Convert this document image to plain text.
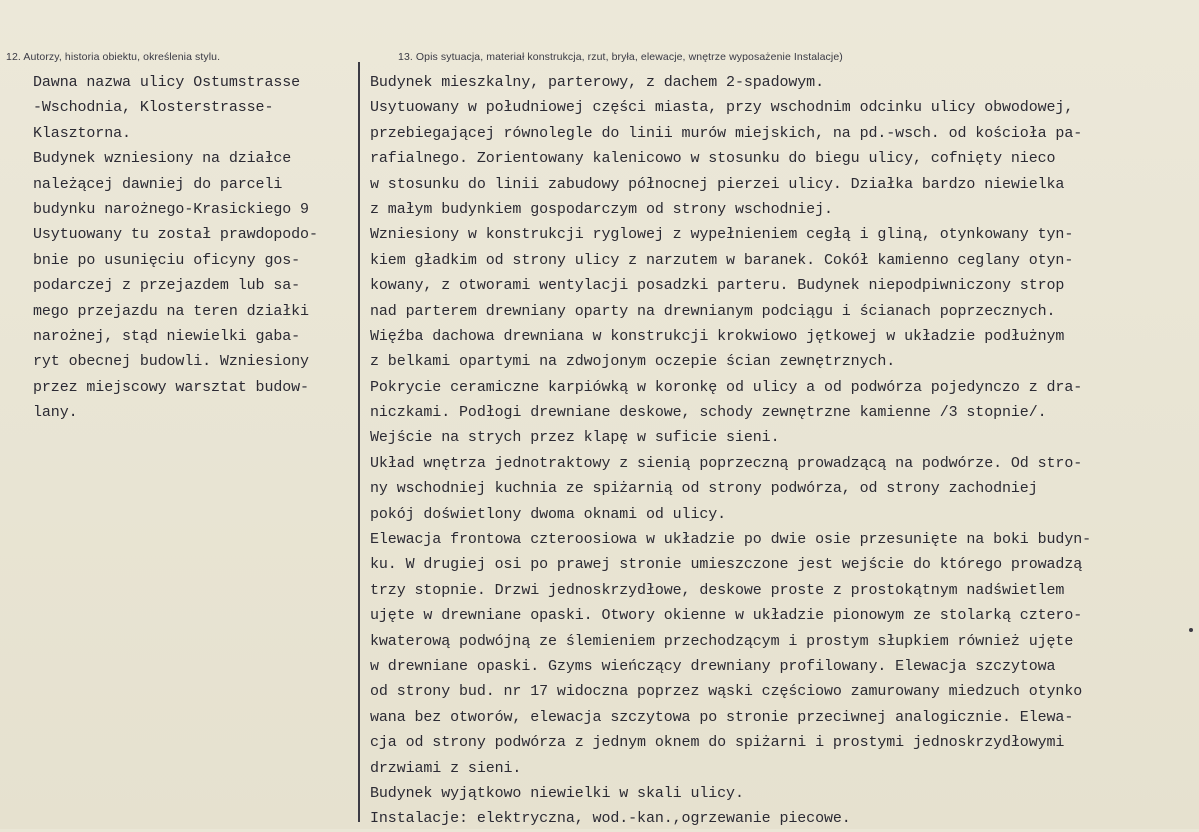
12. Autorzy, historia obiektu, określenia stylu.	13. Opis sytuacja, materiał konstrukcja, rzut, bryła, elewacje, wnętrze wyposażenie Instalacje)
Dawna nazwa ulicy Ostumstrasse
-Wschodnia, Klosterstrasse-
Klasztorna.
Budynek wzniesiony na działce
należącej dawniej do parceli
budynku narożnego-Krasickiego 9
Usytuowany tu został prawdopodo-
bnie po usunięciu oficyny gos-
podarczej z przejazdem lub sa-
mego przejazdu na teren działki
narożnej, stąd niewielki gaba-
ryt obecnej budowli. Wzniesiony
przez miejscowy warsztat budow-
lany.
Budynek mieszkalny, parterowy, z dachem 2-spadowym.
Usytuowany w południowej części miasta, przy wschodnim odcinku ulicy obwodowej,
przebiegającej równolegle do linii murów miejskich, na pd.-wsch. od kościoła pa-
rafialnego. Zorientowany kalenicowo w stosunku do biegu ulicy, cofnięty nieco
w stosunku do linii zabudowy północnej pierzei ulicy. Działka bardzo niewielka
z małym budynkiem gospodarczym od strony wschodniej.
Wzniesiony w konstrukcji ryglowej z wypełnieniem cegłą i gliną, otynkowany tyn-
kiem gładkim od strony ulicy z narzutem w baranek. Cokół kamienno ceglany otyn-
kowany, z otworami wentylacji posadzki parteru. Budynek niepodpiwniczony strop
nad parterem drewniany oparty na drewnianym podciągu i ścianach poprzecznych.
Więźba dachowa drewniana w konstrukcji krokwiowo jętkowej w układzie podłużnym
z belkami opartymi na zdwojonym oczepie ścian zewnętrznych.
Pokrycie ceramiczne karpiówką w koronkę od ulicy a od podwórza pojedynczo z dra-
niczkami. Podłogi drewniane deskowe, schody zewnętrzne kamienne /3 stopnie/.
Wejście na strych przez klapę w suficie sieni.
Układ wnętrza jednotraktowy z sienią poprzeczną prowadzącą na podwórze. Od stro-
ny wschodniej kuchnia ze spiżarnią od strony podwórza, od strony zachodniej
pokój doświetlony dwoma oknami od ulicy.
Elewacja frontowa czteroosiowa w układzie po dwie osie przesunięte na boki budyn-
ku. W drugiej osi po prawej stronie umieszczone jest wejście do którego prowadzą
trzy stopnie. Drzwi jednoskrzydłowe, deskowe proste z prostokątnym nadświetlem
ujęte w drewniane opaski. Otwory okienne w układzie pionowym ze stolarką cztero-
kwaterową podwójną ze ślemieniem przechodzącym i prostym słupkiem również ujęte
w drewniane opaski. Gzyms wieńczący drewniany profilowany. Elewacja szczytowa
od strony bud. nr 17 widoczna poprzez wąski częściowo zamurowany miedzuch otynko
wana bez otworów, elewacja szczytowa po stronie przeciwnej analogicznie. Elewa-
cja od strony podwórza z jednym oknem do spiżarni i prostymi jednoskrzydłowymi
drzwiami z sieni.
Budynek wyjątkowo niewielki w skali ulicy.
Instalacje: elektryczna, wod.-kan.,ogrzewanie piecowe.
